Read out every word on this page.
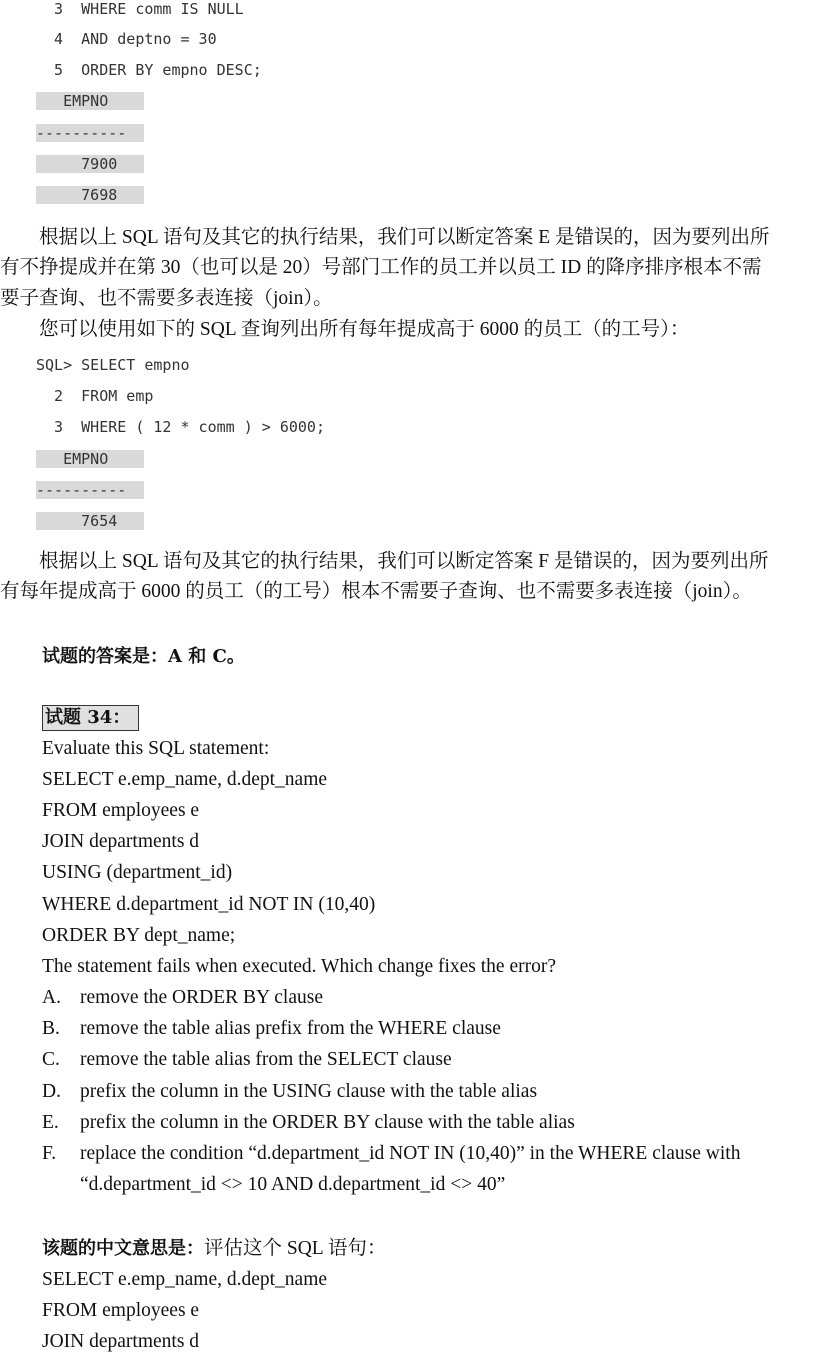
3  WHERE comm IS NULL
4  AND deptno = 30
5  ORDER BY empno DESC;
EMPNO
----------
7900
7698
　　根据以上 SQL 语句及其它的执行结果，我们可以断定答案 E 是错误的，因为要列出所
有不挣提成并在第 30（也可以是 20）号部门工作的员工并以员工 ID 的降序排序根本不需
要子查询、也不需要多表连接（join）。
　　您可以使用如下的 SQL 查询列出所有每年提成高于 6000 的员工（的工号）：
SQL> SELECT empno
2  FROM emp
3  WHERE ( 12 * comm ) > 6000;
EMPNO
----------
7654
　　根据以上 SQL 语句及其它的执行结果，我们可以断定答案 F 是错误的，因为要列出所
有每年提成高于 6000 的员工（的工号）根本不需要子查询、也不需要多表连接（join）。
试题的答案是：A 和 C。
试题 34：
Evaluate this SQL statement:
SELECT e.emp_name, d.dept_name
FROM employees e
JOIN departments d
USING (department_id)
WHERE d.department_id NOT IN (10,40)
ORDER BY dept_name;
The statement fails when executed. Which change fixes the error?
A. remove the ORDER BY clause
B. remove the table alias prefix from the WHERE clause
C. remove the table alias from the SELECT clause
D. prefix the column in the USING clause with the table alias
E. prefix the column in the ORDER BY clause with the table alias
F. replace the condition “d.department_id NOT IN (10,40)” in the WHERE clause with
“d.department_id <> 10 AND d.department_id <> 40”
该题的中文意思是：评估这个 SQL 语句：
SELECT e.emp_name, d.dept_name
FROM employees e
JOIN departments d
